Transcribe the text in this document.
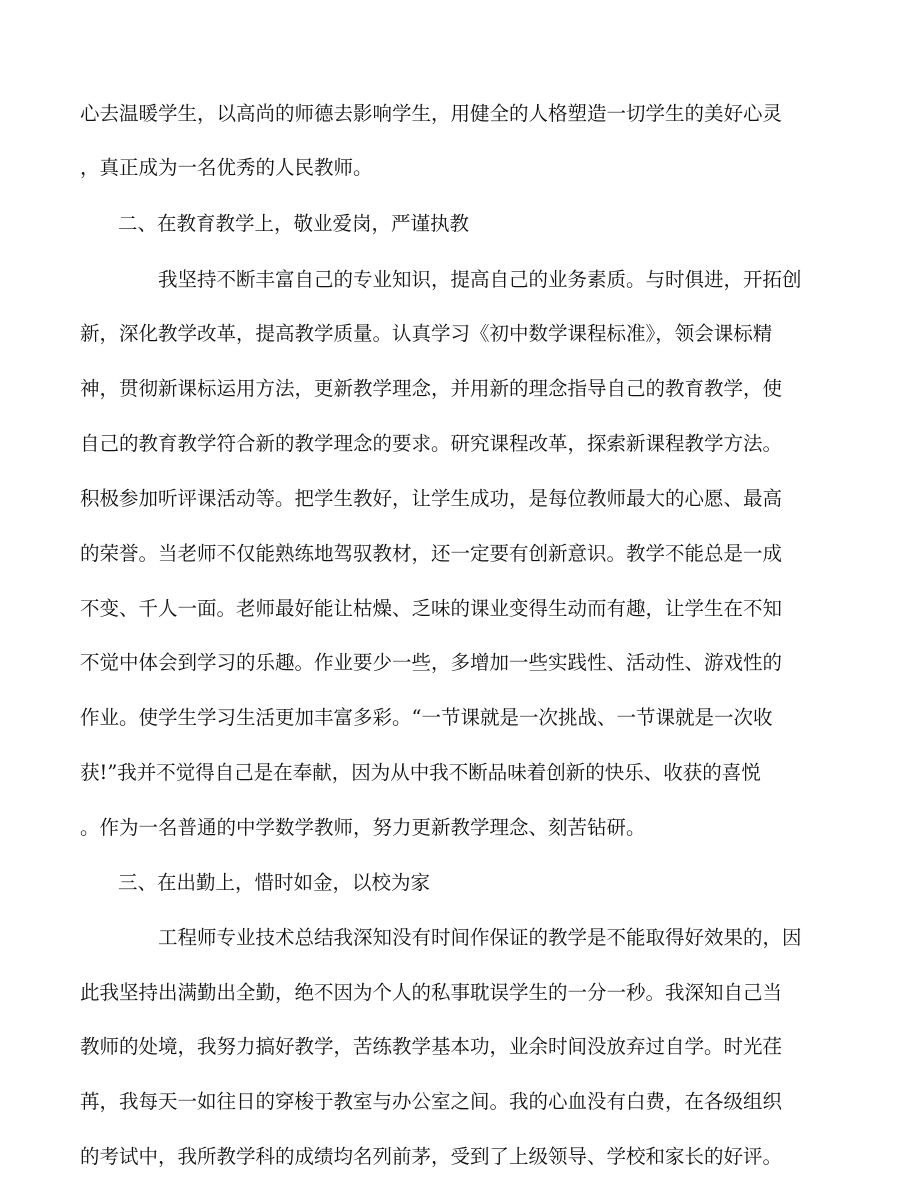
心去温暖学生，以高尚的师德去影响学生，用健全的人格塑造一切学生的美好心灵

，真正成为一名优秀的人民教师。

二、在教育教学上，敬业爱岗，严谨执教

我坚持不断丰富自己的专业知识，提高自己的业务素质。与时俱进，开拓创

新，深化教学改革，提高教学质量。认真学习《初中数学课程标准》，领会课标精

神，贯彻新课标运用方法，更新教学理念，并用新的理念指导自己的教育教学，使

自己的教育教学符合新的教学理念的要求。研究课程改革，探索新课程教学方法。

积极参加听评课活动等。把学生教好，让学生成功，是每位教师最大的心愿、最高

的荣誉。当老师不仅能熟练地驾驭教材，还一定要有创新意识。教学不能总是一成

不变、千人一面。老师最好能让枯燥、乏味的课业变得生动而有趣，让学生在不知

不觉中体会到学习的乐趣。作业要少一些，多增加一些实践性、活动性、游戏性的

作业。使学生学习生活更加丰富多彩。“一节课就是一次挑战、一节课就是一次收

获!”我并不觉得自己是在奉献，因为从中我不断品味着创新的快乐、收获的喜悦

。作为一名普通的中学数学教师，努力更新教学理念、刻苦钻研。

三、在出勤上，惜时如金，以校为家

工程师专业技术总结我深知没有时间作保证的教学是不能取得好效果的，因

此我坚持出满勤出全勤，绝不因为个人的私事耽误学生的一分一秒。我深知自己当

教师的处境，我努力搞好教学，苦练教学基本功，业余时间没放弃过自学。时光荏

苒，我每天一如往日的穿梭于教室与办公室之间。我的心血没有白费，在各级组织

的考试中，我所教学科的成绩均名列前茅，受到了上级领导、学校和家长的好评。
